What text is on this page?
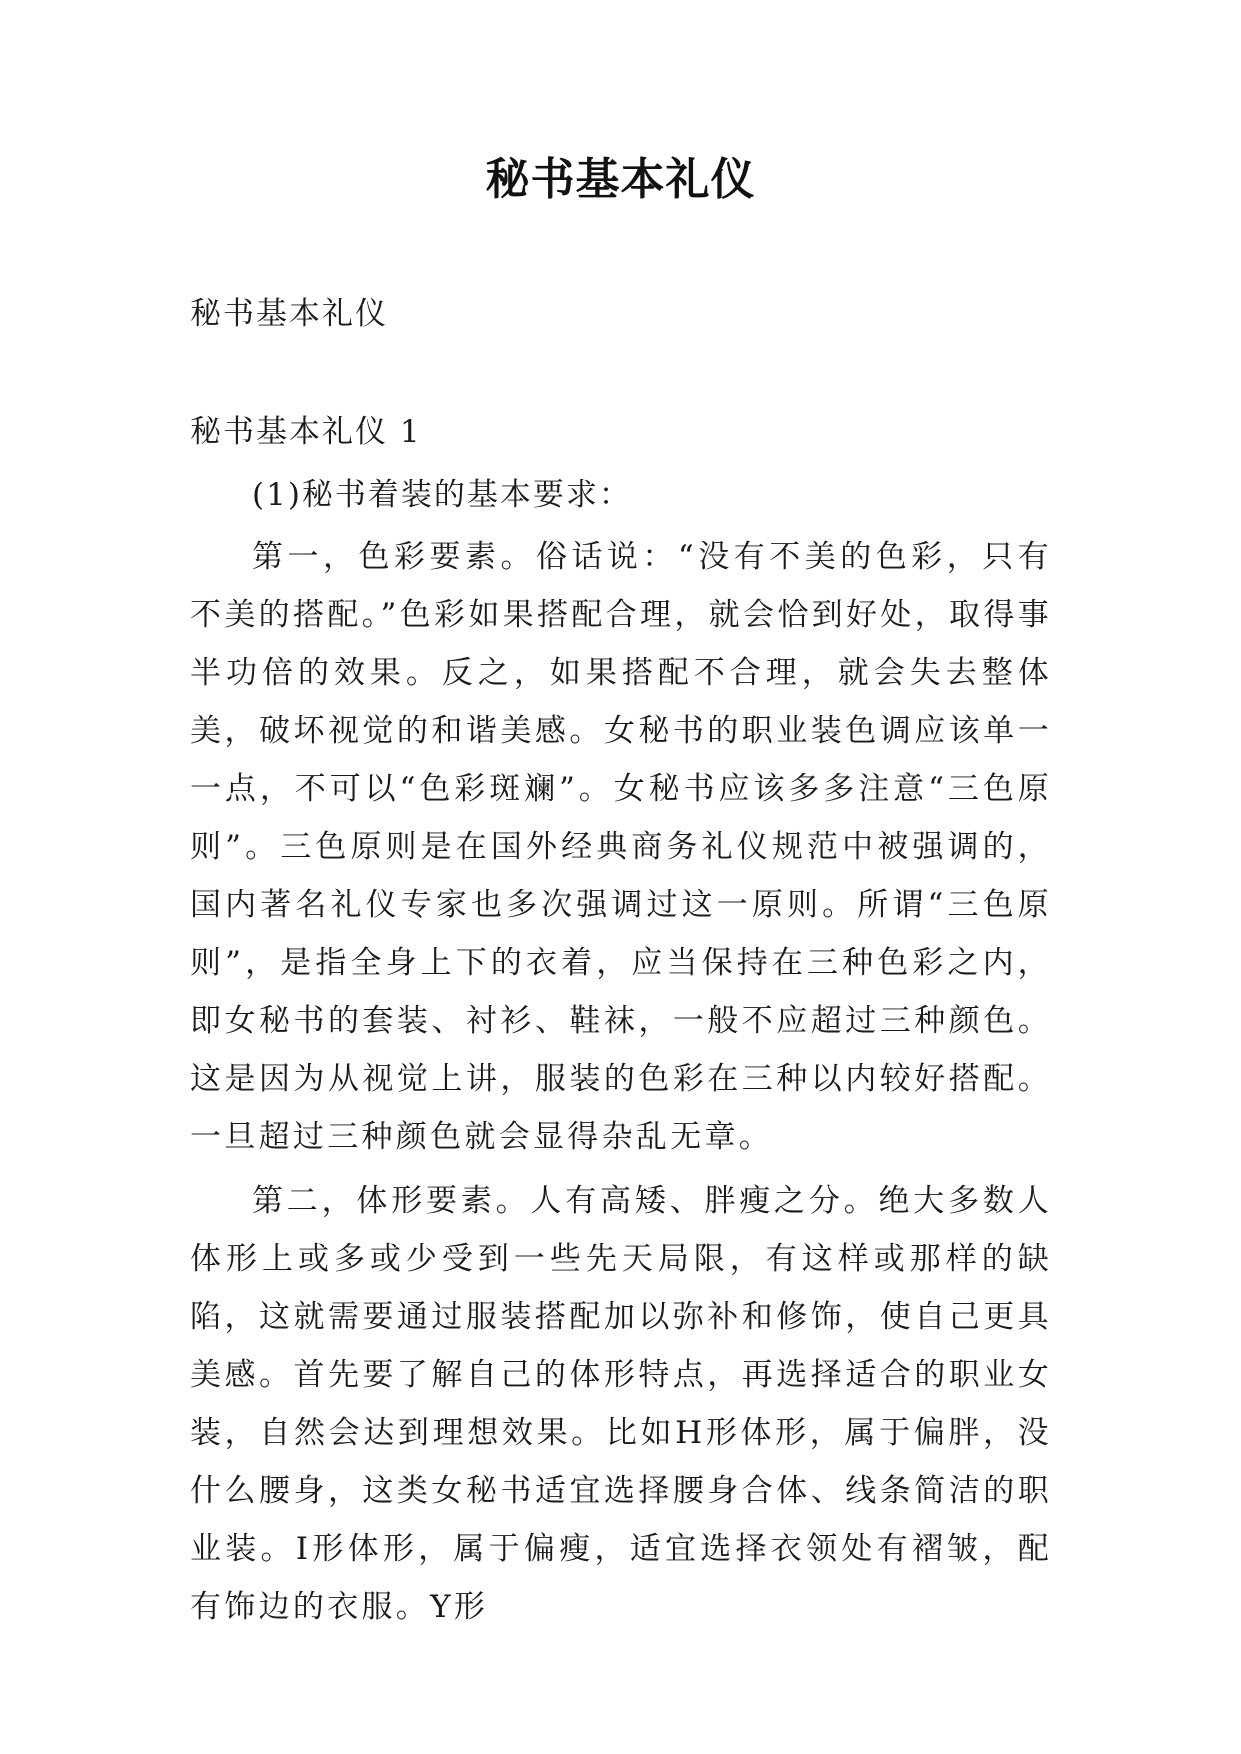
秘书基本礼仪

秘书基本礼仪

秘书基本礼仪 1

(1)秘书着装的基本要求：

第一，色彩要素。俗话说：“没有不美的色彩，只有不美的搭配。”色彩如果搭配合理，就会恰到好处，取得事半功倍的效果。反之，如果搭配不合理，就会失去整体美，破坏视觉的和谐美感。女秘书的职业装色调应该单一一点，不可以“色彩斑斓”。女秘书应该多多注意“三色原则”。三色原则是在国外经典商务礼仪规范中被强调的，国内著名礼仪专家也多次强调过这一原则。所谓“三色原则”，是指全身上下的衣着，应当保持在三种色彩之内，即女秘书的套装、衬衫、鞋袜，一般不应超过三种颜色。这是因为从视觉上讲，服装的色彩在三种以内较好搭配。一旦超过三种颜色就会显得杂乱无章。

第二，体形要素。人有高矮、胖瘦之分。绝大多数人体形上或多或少受到一些先天局限，有这样或那样的缺陷，这就需要通过服装搭配加以弥补和修饰，使自己更具美感。首先要了解自己的体形特点，再选择适合的职业女装，自然会达到理想效果。比如H形体形，属于偏胖，没什么腰身，这类女秘书适宜选择腰身合体、线条简洁的职业装。I形体形，属于偏瘦，适宜选择衣领处有褶皱，配有饰边的衣服。Y形
